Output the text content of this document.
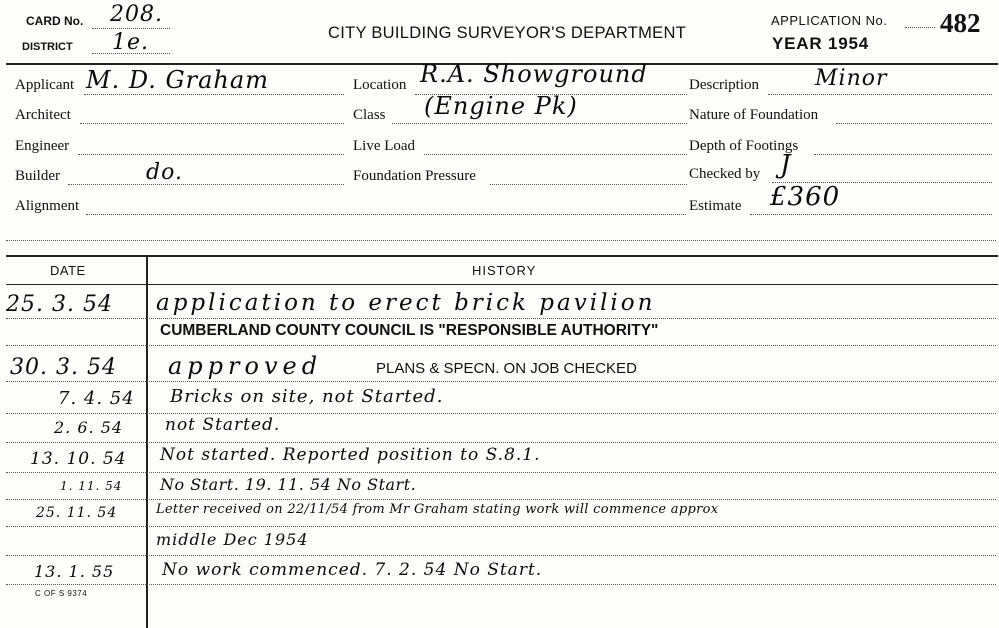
CARD No. 208.
DISTRICT 1e.	CITY BUILDING SURVEYOR'S DEPARTMENT
APPLICATION No. 482
YEAR 1954
Applicant M. D. Graham
Architect
Engineer
Builder	do.
Alignment
Location R.A. Showground
Class (Engine Pk)
Live Load
Foundation Pressure
Description	Minor
Nature of Foundation
Depth of Footings
Checked by J
Estimate £360
DATE	HISTORY
25. 3. 54 application to erect brick pavilion
CUMBERLAND COUNTY COUNCIL IS "RESPONSIBLE AUTHORITY"
30. 3. 54 approved	PLANS & SPECN. ON JOB CHECKED
7. 4. 54 Bricks on site, not Started.
2. 6. 54 not Started.
13. 10. 54 Not started. Reported position to S.8.1.
1. 11. 54 No Start. 19. 11. 54 No Start.
25. 11. 54	Letter received on 22/11/54 from Mr Graham stating work will commence approx
middle Dec 1954
13. 1. 55	No work commenced. 7. 2. 54 No Start.
C OF S 9374
